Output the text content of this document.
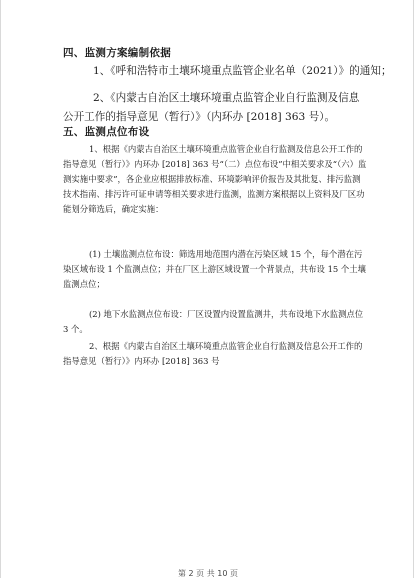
四、监测方案编制依据

1、《呼和浩特市土壤环境重点监管企业名单（2021）》的通知；

2、《内蒙古自治区土壤环境重点监管企业自行监测及信息公开工作的指导意见（暂行）》（内环办 [2018] 363 号）。

五、监测点位布设

1、根据《内蒙古自治区土壤环境重点监管企业自行监测及信息公开工作的指导意见（暂行）》内环办 [2018] 363 号“（二）点位布设”中相关要求及“（六）监测实施中要求”，各企业应根据排放标准、环境影响评价报告及其批复、排污监测技术指南、排污许可证申请等相关要求进行监测，监测方案根据以上资料及厂区功能划分筛选后，确定实施：

(1) 土壤监测点位布设：筛选用地范围内潜在污染区域 15 个，每个潜在污染区域布设 1 个监测点位；并在厂区上游区域设置一个背景点，共布设 15 个土壤监测点位；

(2) 地下水监测点位布设：厂区设置内设置监测井，共布设地下水监测点位 3 个。

2、根据《内蒙古自治区土壤环境重点监管企业自行监测及信息公开工作的指导意见（暂行）》内环办 [2018] 363 号

第 2 页 共 10 页
